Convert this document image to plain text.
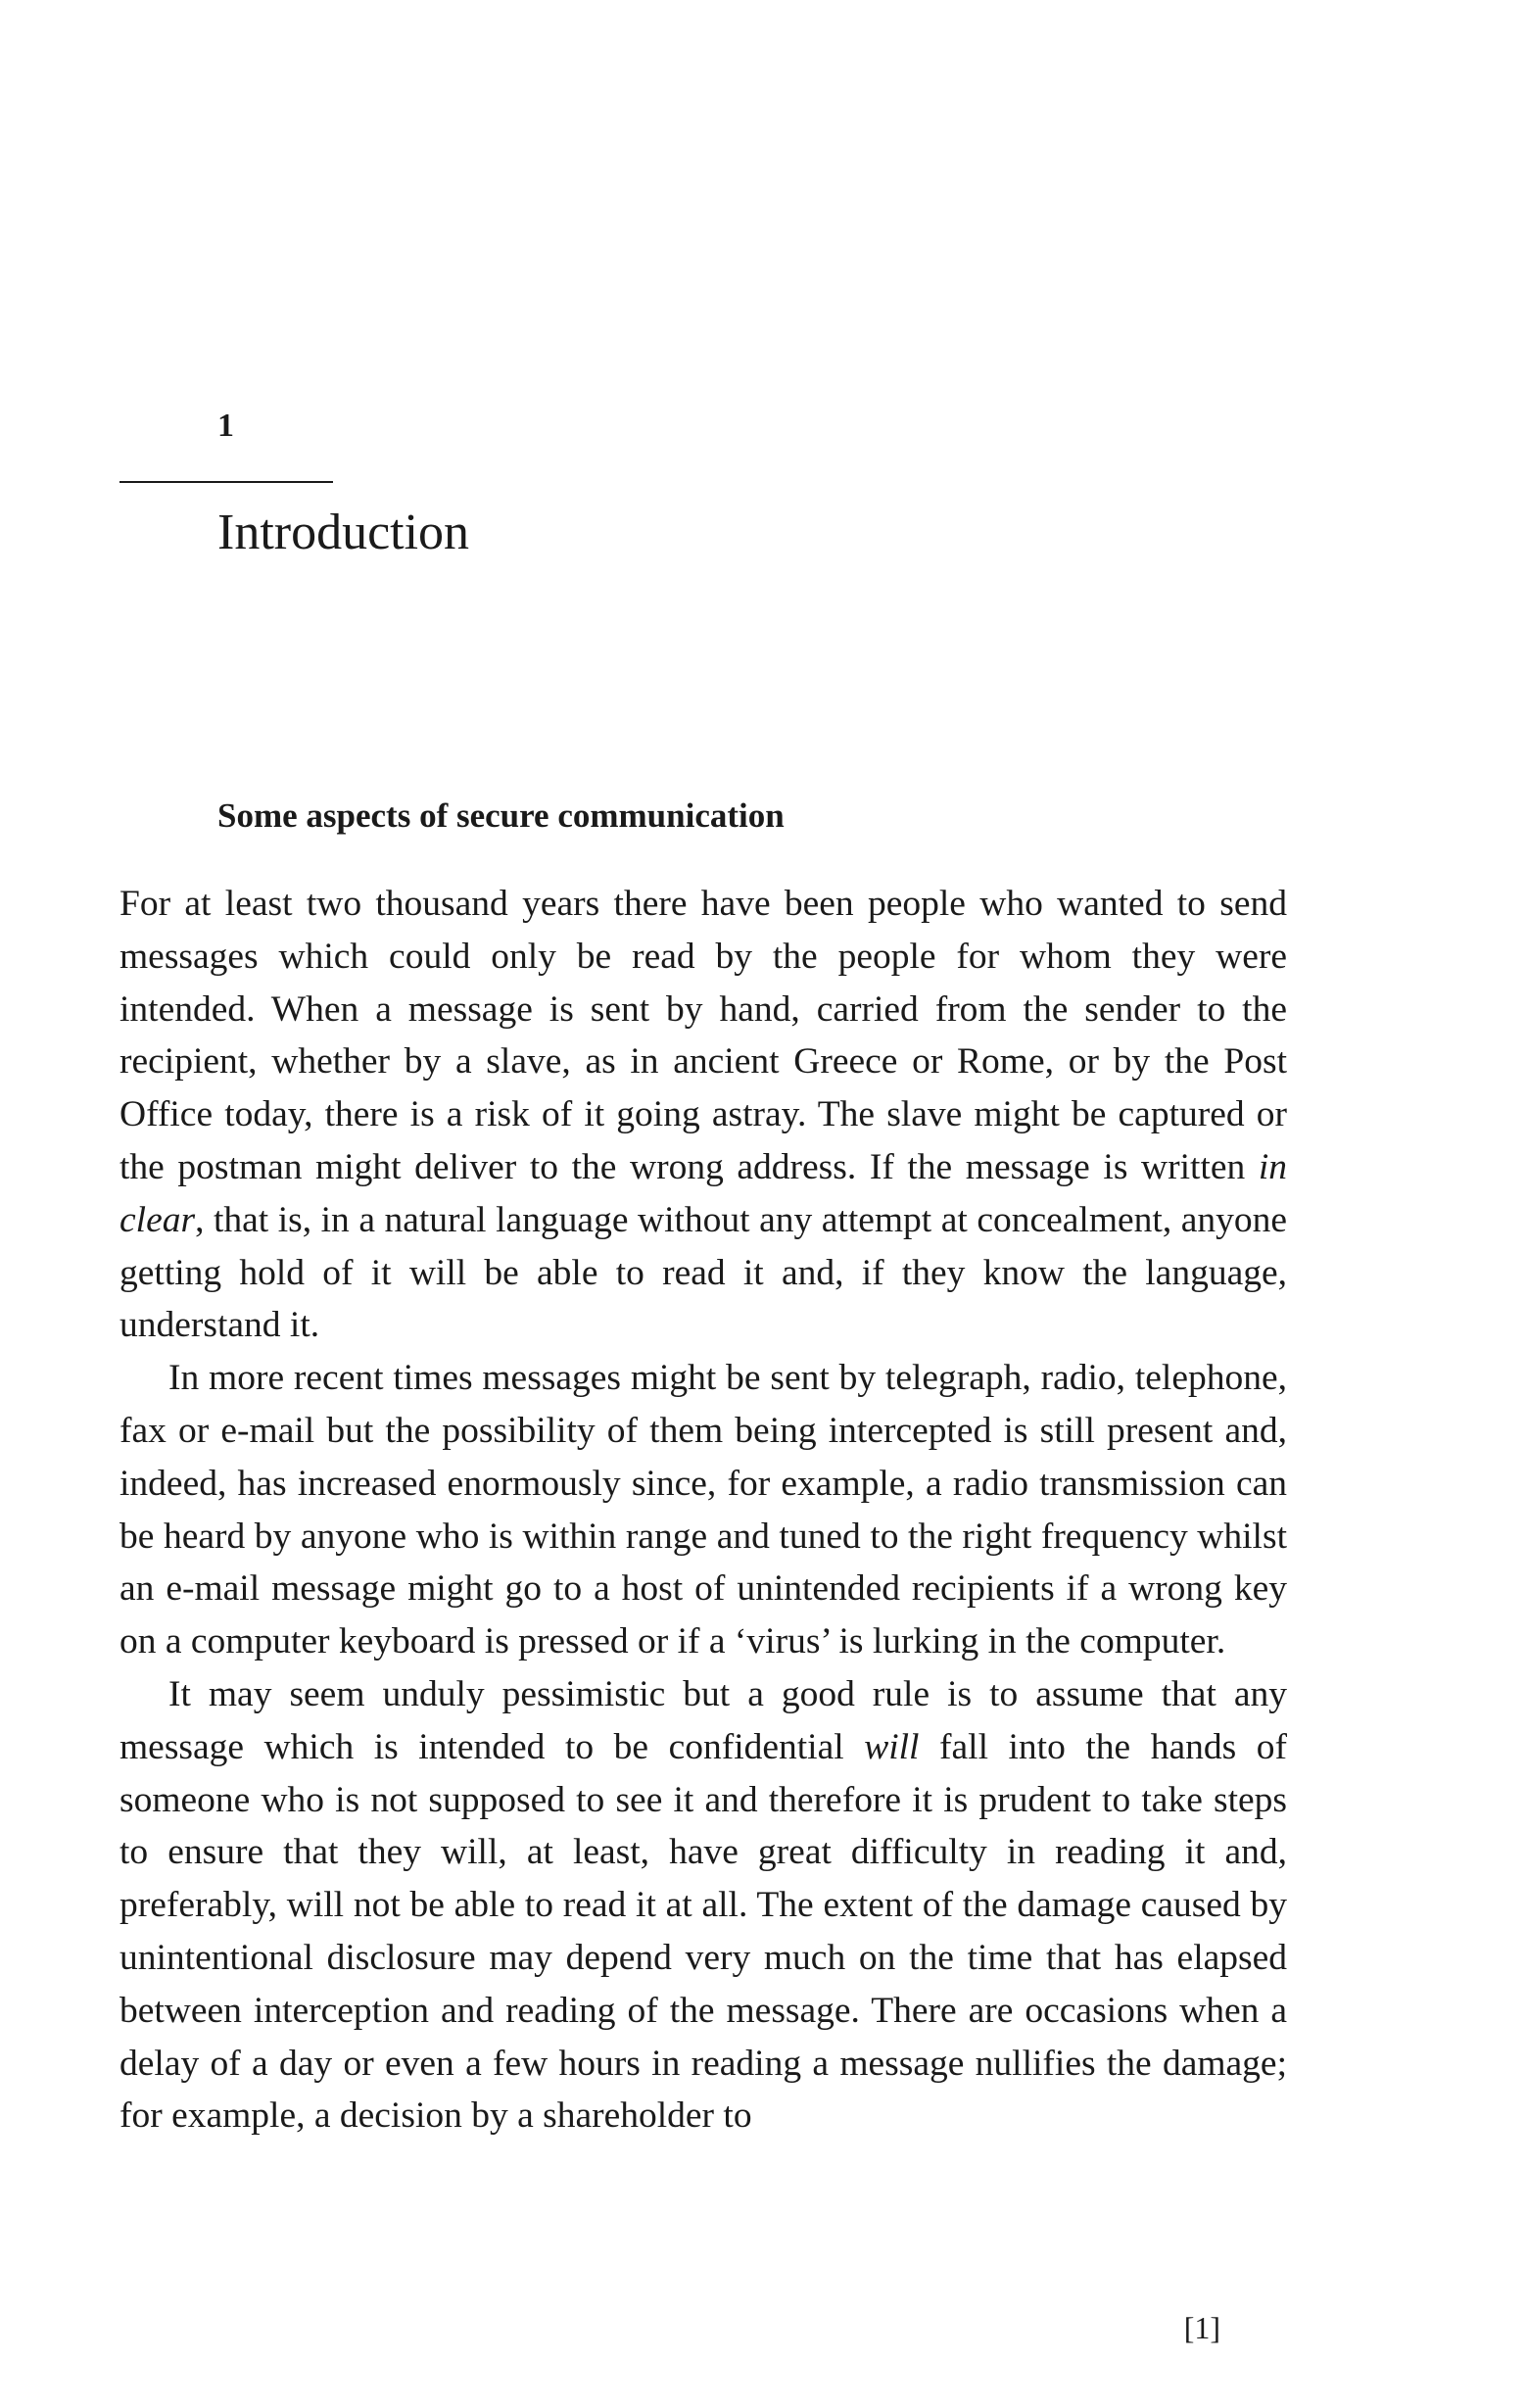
1
Introduction
Some aspects of secure communication

For at least two thousand years there have been people who wanted to send messages which could only be read by the people for whom they were intended. When a message is sent by hand, carried from the sender to the recipient, whether by a slave, as in ancient Greece or Rome, or by the Post Office today, there is a risk of it going astray. The slave might be captured or the postman might deliver to the wrong address. If the message is written in clear, that is, in a natural language without any attempt at concealment, anyone getting hold of it will be able to read it and, if they know the language, understand it.

In more recent times messages might be sent by telegraph, radio, telephone, fax or e-mail but the possibility of them being intercepted is still present and, indeed, has increased enormously since, for example, a radio transmission can be heard by anyone who is within range and tuned to the right frequency whilst an e-mail message might go to a host of unintended recipients if a wrong key on a computer keyboard is pressed or if a ‘virus’ is lurking in the computer.

It may seem unduly pessimistic but a good rule is to assume that any message which is intended to be confidential will fall into the hands of someone who is not supposed to see it and therefore it is prudent to take steps to ensure that they will, at least, have great difficulty in reading it and, preferably, will not be able to read it at all. The extent of the damage caused by unintentional disclosure may depend very much on the time that has elapsed between interception and reading of the message. There are occasions when a delay of a day or even a few hours in reading a message nullifies the damage; for example, a decision by a shareholder to

[1]
